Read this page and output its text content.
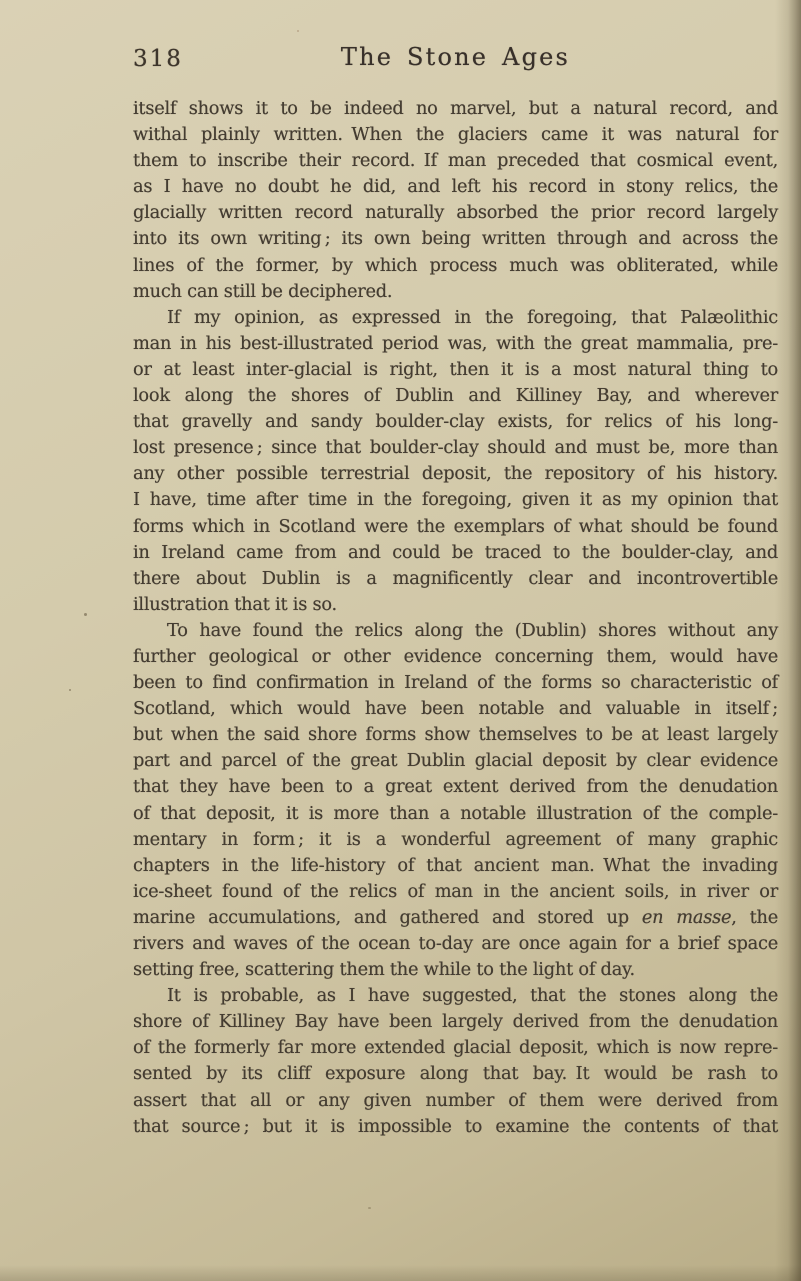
318	The Stone Ages
itself shows it to be indeed no marvel, but a natural record, and
withal plainly written. When the glaciers came it was natural for
them to inscribe their record. If man preceded that cosmical event,
as I have no doubt he did, and left his record in stony relics, the
glacially written record naturally absorbed the prior record largely
into its own writing ; its own being written through and across the
lines of the former, by which process much was obliterated, while
much can still be deciphered.
If my opinion, as expressed in the foregoing, that Palæolithic
man in his best-illustrated period was, with the great mammalia, pre-
or at least inter-glacial is right, then it is a most natural thing to
look along the shores of Dublin and Killiney Bay, and wherever
that gravelly and sandy boulder-clay exists, for relics of his long-
lost presence ; since that boulder-clay should and must be, more than
any other possible terrestrial deposit, the repository of his history.
I have, time after time in the foregoing, given it as my opinion that
forms which in Scotland were the exemplars of what should be found
in Ireland came from and could be traced to the boulder-clay, and
there about Dublin is a magnificently clear and incontrovertible
illustration that it is so.
To have found the relics along the (Dublin) shores without any
further geological or other evidence concerning them, would have
been to find confirmation in Ireland of the forms so characteristic of
Scotland, which would have been notable and valuable in itself ;
but when the said shore forms show themselves to be at least largely
part and parcel of the great Dublin glacial deposit by clear evidence
that they have been to a great extent derived from the denudation
of that deposit, it is more than a notable illustration of the comple-
mentary in form ; it is a wonderful agreement of many graphic
chapters in the life-history of that ancient man. What the invading
ice-sheet found of the relics of man in the ancient soils, in river or
marine accumulations, and gathered and stored up en masse, the
rivers and waves of the ocean to-day are once again for a brief space
setting free, scattering them the while to the light of day.
It is probable, as I have suggested, that the stones along the
shore of Killiney Bay have been largely derived from the denudation
of the formerly far more extended glacial deposit, which is now repre-
sented by its cliff exposure along that bay. It would be rash to
assert that all or any given number of them were derived from
that source ; but it is impossible to examine the contents of that
